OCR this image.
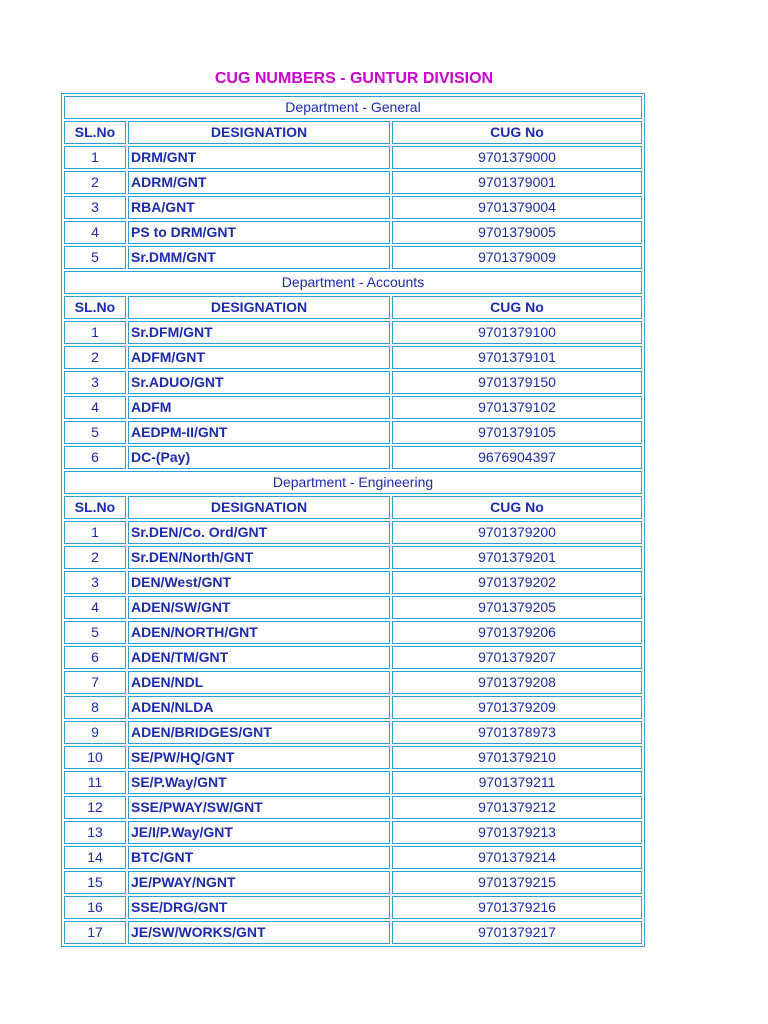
CUG NUMBERS - GUNTUR DIVISION
Department - General		
SL.No	DESIGNATION	CUG No
1	DRM/GNT	9701379000
2	ADRM/GNT	9701379001
3	RBA/GNT	9701379004
4	PS to DRM/GNT	9701379005
5	Sr.DMM/GNT	9701379009
Department - Accounts		
SL.No	DESIGNATION	CUG No
1	Sr.DFM/GNT	9701379100
2	ADFM/GNT	9701379101
3	Sr.ADUO/GNT	9701379150
4	ADFM	9701379102
5	AEDPM-II/GNT	9701379105
6	DC-(Pay)	9676904397
Department - Engineering		
SL.No	DESIGNATION	CUG No
1	Sr.DEN/Co. Ord/GNT	9701379200
2	Sr.DEN/North/GNT	9701379201
3	DEN/West/GNT	9701379202
4	ADEN/SW/GNT	9701379205
5	ADEN/NORTH/GNT	9701379206
6	ADEN/TM/GNT	9701379207
7	ADEN/NDL	9701379208
8	ADEN/NLDA	9701379209
9	ADEN/BRIDGES/GNT	9701378973
10	SE/PW/HQ/GNT	9701379210
11	SE/P.Way/GNT	9701379211
12	SSE/PWAY/SW/GNT	9701379212
13	JE/I/P.Way/GNT	9701379213
14	BTC/GNT	9701379214
15	JE/PWAY/NGNT	9701379215
16	SSE/DRG/GNT	9701379216
17	JE/SW/WORKS/GNT	9701379217
